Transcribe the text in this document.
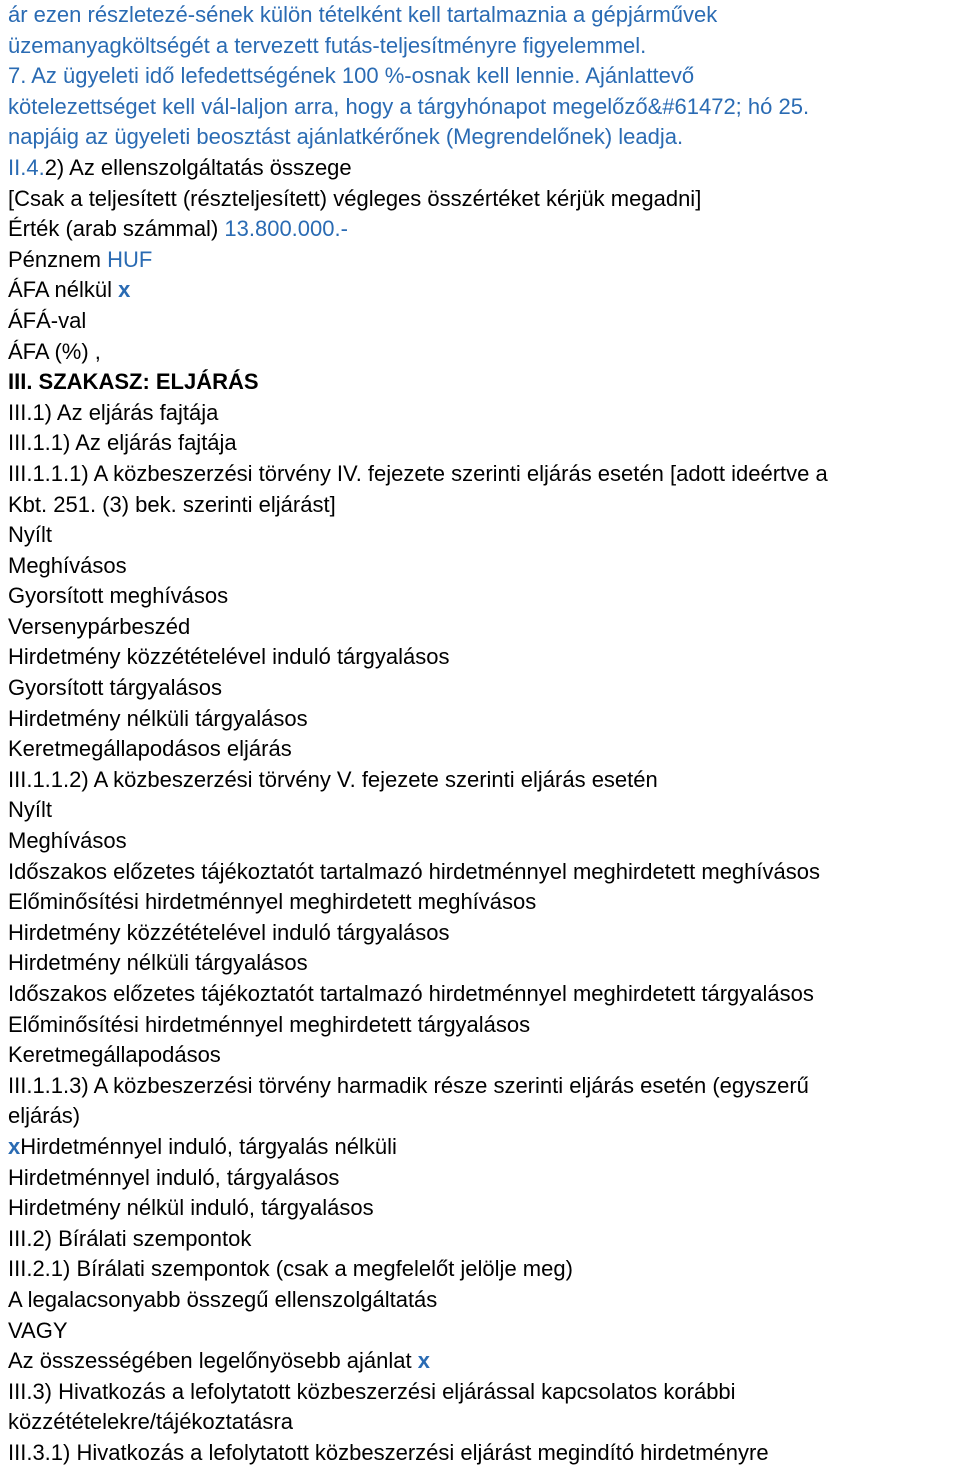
ár ezen részletezé-sének külön tételként kell tartalmaznia a gépjárművek
üzemanyagköltségét a tervezett futás-teljesítményre figyelemmel.
7. Az ügyeleti idő lefedettségének 100 %-osnak kell lennie. Ajánlattevő
kötelezettséget kell vál-laljon arra, hogy a tárgyhónapot megelőző&#61472; hó 25.
napjáig az ügyeleti beosztást ajánlatkérőnek (Megrendelőnek) leadja.
II.4.2) Az ellenszolgáltatás összege
[Csak a teljesített (részteljesített) végleges összértéket kérjük megadni]
Érték (arab számmal) 13.800.000.-
Pénznem HUF
ÁFA nélkül x
ÁFÁ-val
ÁFA (%) ,
III. SZAKASZ: ELJÁRÁS
III.1) Az eljárás fajtája
III.1.1) Az eljárás fajtája
III.1.1.1) A közbeszerzési törvény IV. fejezete szerinti eljárás esetén [adott ideértve a
Kbt. 251. (3) bek. szerinti eljárást]
Nyílt
Meghívásos
Gyorsított meghívásos
Versenypárbeszéd
Hirdetmény közzétételével induló tárgyalásos
Gyorsított tárgyalásos
Hirdetmény nélküli tárgyalásos
Keretmegállapodásos eljárás
III.1.1.2) A közbeszerzési törvény V. fejezete szerinti eljárás esetén
Nyílt
Meghívásos
Időszakos előzetes tájékoztatót tartalmazó hirdetménnyel meghirdetett meghívásos
Előminősítési hirdetménnyel meghirdetett meghívásos
Hirdetmény közzétételével induló tárgyalásos
Hirdetmény nélküli tárgyalásos
Időszakos előzetes tájékoztatót tartalmazó hirdetménnyel meghirdetett tárgyalásos
Előminősítési hirdetménnyel meghirdetett tárgyalásos
Keretmegállapodásos
III.1.1.3) A közbeszerzési törvény harmadik része szerinti eljárás esetén (egyszerű
eljárás)
xHirdetménnyel induló, tárgyalás nélküli
Hirdetménnyel induló, tárgyalásos
Hirdetmény nélkül induló, tárgyalásos
III.2) Bírálati szempontok
III.2.1) Bírálati szempontok (csak a megfelelőt jelölje meg)
A legalacsonyabb összegű ellenszolgáltatás
VAGY
Az összességében legelőnyösebb ajánlat x
III.3) Hivatkozás a lefolytatott közbeszerzési eljárással kapcsolatos korábbi
közzétételekre/tájékoztatásra
III.3.1) Hivatkozás a lefolytatott közbeszerzési eljárást megindító hirdetményre
